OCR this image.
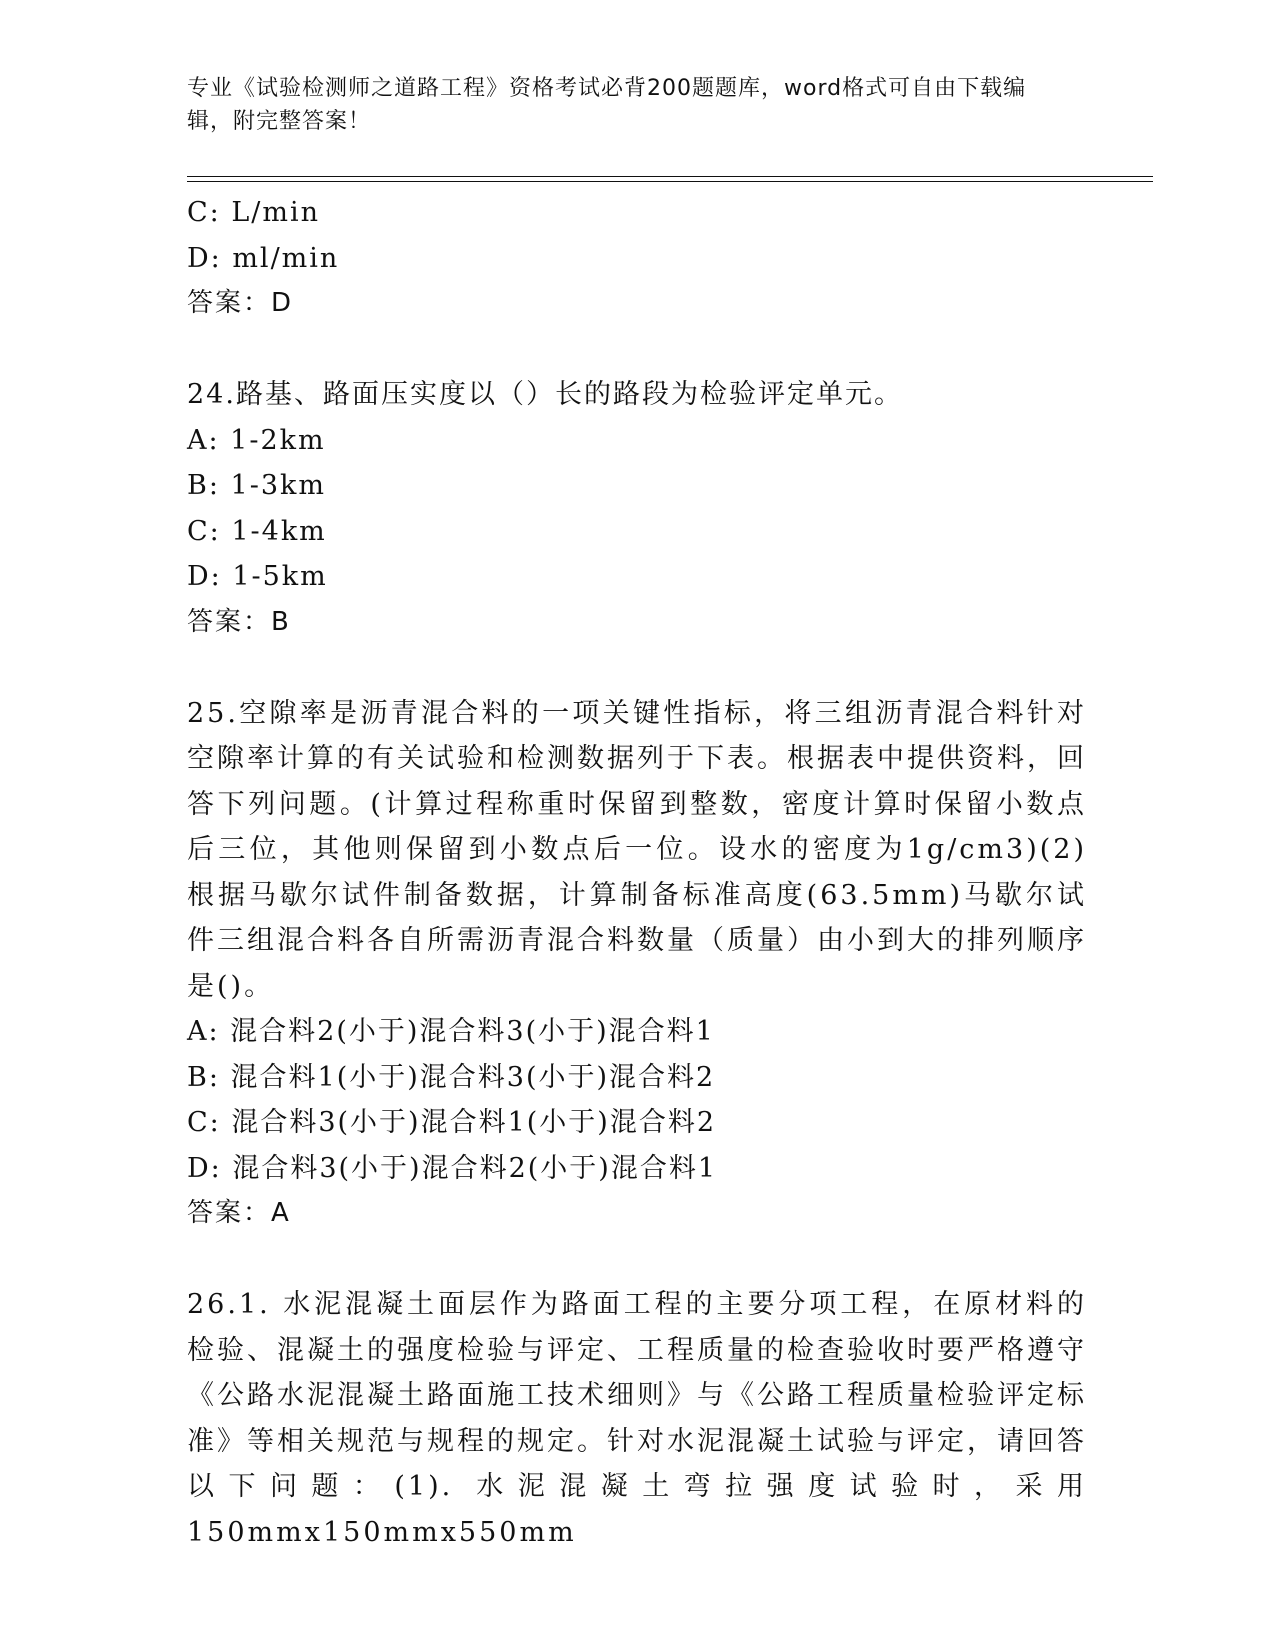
专业《试验检测师之道路工程》资格考试必背200题题库，word格式可自由下载编辑，附完整答案！
C: L/min
D: ml/min
答案：D
24.路基、路面压实度以（）长的路段为检验评定单元。
A: 1-2km
B: 1-3km
C: 1-4km
D: 1-5km
答案：B
25.空隙率是沥青混合料的一项关键性指标，将三组沥青混合料针对空隙率计算的有关试验和检测数据列于下表。根据表中提供资料，回答下列问题。(计算过程称重时保留到整数，密度计算时保留小数点后三位，其他则保留到小数点后一位。设水的密度为1g/cm3)(2)根据马歇尔试件制备数据，计算制备标准高度(63.5mm)马歇尔试件三组混合料各自所需沥青混合料数量（质量）由小到大的排列顺序是()。
A: 混合料2(小于)混合料3(小于)混合料1
B: 混合料1(小于)混合料3(小于)混合料2
C: 混合料3(小于)混合料1(小于)混合料2
D: 混合料3(小于)混合料2(小于)混合料1
答案：A
26.1. 水泥混凝土面层作为路面工程的主要分项工程，在原材料的检验、混凝土的强度检验与评定、工程质量的检查验收时要严格遵守《公路水泥混凝土路面施工技术细则》与《公路工程质量检验评定标准》等相关规范与规程的规定。针对水泥混凝土试验与评定，请回答以下问题：(1). 水泥混凝土弯拉强度试验时，采用150mmx150mmx550mm
